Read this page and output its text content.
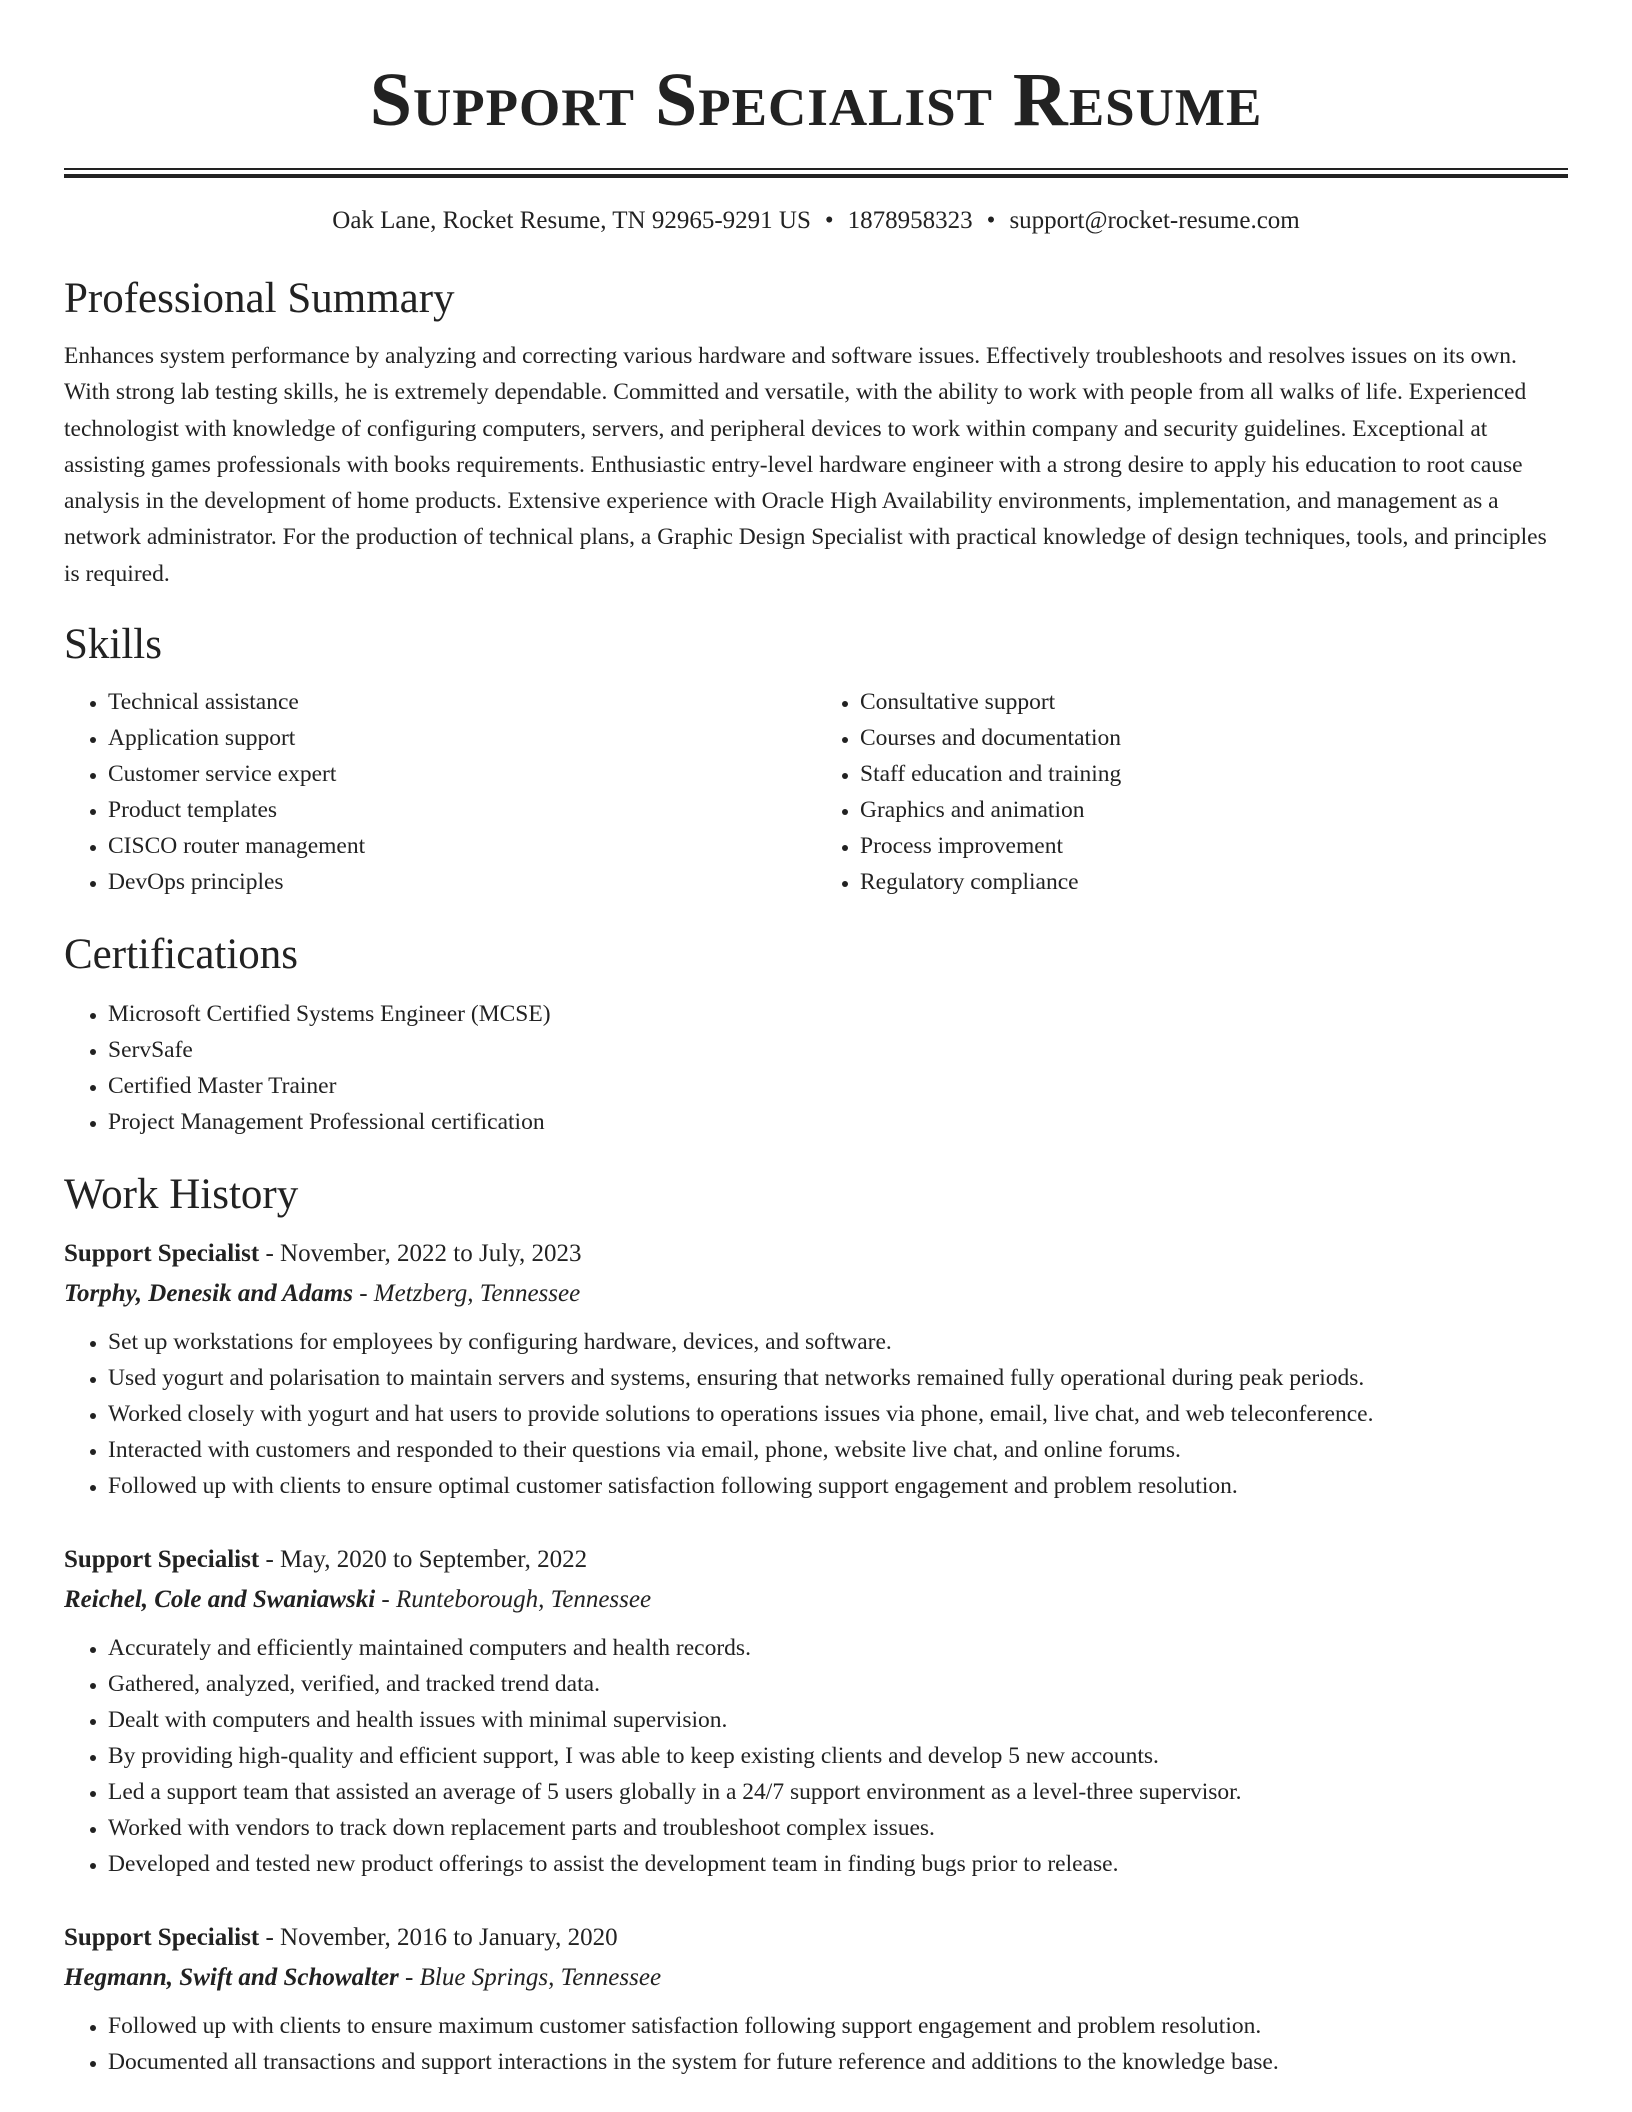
Support Specialist Resume
Oak Lane, Rocket Resume, TN 92965-9291 US • 1878958323 • support@rocket-resume.com
Professional Summary

Enhances system performance by analyzing and correcting various hardware and software issues. Effectively troubleshoots and resolves issues on its own. With strong lab testing skills, he is extremely dependable. Committed and versatile, with the ability to work with people from all walks of life. Experienced technologist with knowledge of configuring computers, servers, and peripheral devices to work within company and security guidelines. Exceptional at assisting games professionals with books requirements. Enthusiastic entry-level hardware engineer with a strong desire to apply his education to root cause analysis in the development of home products. Extensive experience with Oracle High Availability environments, implementation, and management as a network administrator. For the production of technical plans, a Graphic Design Specialist with practical knowledge of design techniques, tools, and principles is required.

Skills
• Technical assistance
• Application support
• Customer service expert
• Product templates
• CISCO router management
• DevOps principles
• Consultative support
• Courses and documentation
• Staff education and training
• Graphics and animation
• Process improvement
• Regulatory compliance
Certifications
• Microsoft Certified Systems Engineer (MCSE)
• ServSafe
• Certified Master Trainer
• Project Management Professional certification
Work History
Support Specialist - November, 2022 to July, 2023
Torphy, Denesik and Adams - Metzberg, Tennessee
• Set up workstations for employees by configuring hardware, devices, and software.
• Used yogurt and polarisation to maintain servers and systems, ensuring that networks remained fully operational during peak periods.
• Worked closely with yogurt and hat users to provide solutions to operations issues via phone, email, live chat, and web teleconference.
• Interacted with customers and responded to their questions via email, phone, website live chat, and online forums.
• Followed up with clients to ensure optimal customer satisfaction following support engagement and problem resolution.
Support Specialist - May, 2020 to September, 2022
Reichel, Cole and Swaniawski - Runteborough, Tennessee
• Accurately and efficiently maintained computers and health records.
• Gathered, analyzed, verified, and tracked trend data.
• Dealt with computers and health issues with minimal supervision.
• By providing high-quality and efficient support, I was able to keep existing clients and develop 5 new accounts.
• Led a support team that assisted an average of 5 users globally in a 24/7 support environment as a level-three supervisor.
• Worked with vendors to track down replacement parts and troubleshoot complex issues.
• Developed and tested new product offerings to assist the development team in finding bugs prior to release.
Support Specialist - November, 2016 to January, 2020
Hegmann, Swift and Schowalter - Blue Springs, Tennessee
• Followed up with clients to ensure maximum customer satisfaction following support engagement and problem resolution.
• Documented all transactions and support interactions in the system for future reference and additions to the knowledge base.
